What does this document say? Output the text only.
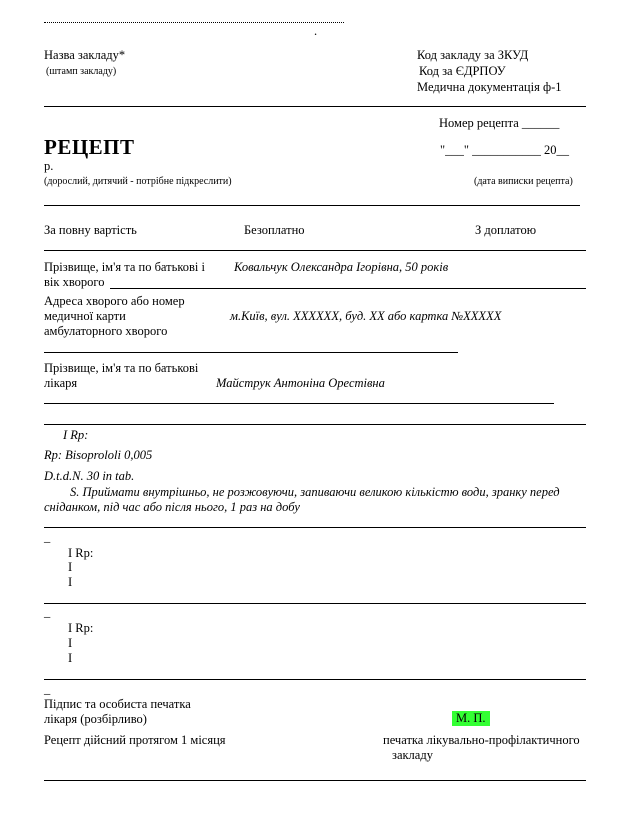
.
Назва закладу*
(штамп закладу)
Код закладу за ЗКУД
Код за ЄДРПОУ
Медична документація ф-1
Номер рецепта ______
РЕЦЕПТ	"___" ___________ 20__
р.
(дорослий, дитячий - потрібне підкреслити)	(дата виписки рецепта)
За повну вартість	Безоплатно	З доплатою
Прізвище, ім'я та по батькові і Ковальчук Олександра Ігорівна, 50 років
вік хворого
Адреса хворого або номер
медичної карти	м.Київ, вул. XXXXXX, буд. XX або картка №XXXXX
амбулаторного хворого
Прізвище, ім'я та по батькові
лікаря	Майструк Антоніна Орестівна
I Rp:
Rp: Bisoprololi 0,005
D.t.d.N. 30 in tab.
S. Приймати внутрішньо, не розжовуючи, запиваючи великою кількістю води, зранку перед
сніданком, під час або після нього, 1 раз на добу
_
I Rp:
I
I
_
I Rp:
I
I
_
Підпис та особиста печатка
лікаря (розбірливо)	М. П.
Рецепт дійсний протягом 1 місяця	печатка лікувально-профілактичного
закладу
